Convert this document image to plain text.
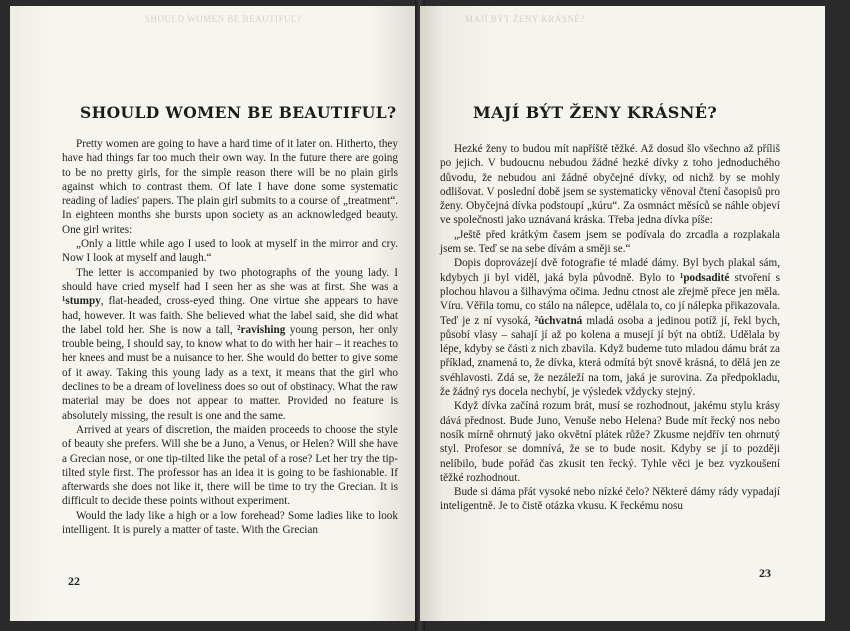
SHOULD WOMEN BE BEAUTIFUL?
SHOULD WOMEN BE BEAUTIFUL?

Pretty women are going to have a hard time of it later on. Hitherto, they have had things far too much their own way. In the future there are going to be no pretty girls, for the simple reason there will be no plain girls against which to contrast them. Of late I have done some systematic reading of ladies' papers. The plain girl submits to a course of „treatment“. In eighteen months she bursts upon society as an acknowledged beauty. One girl writes:

„Only a little while ago I used to look at myself in the mirror and cry. Now I look at myself and laugh.“

The letter is accompanied by two photographs of the young lady. I should have cried myself had I seen her as she was at first. She was a ¹stumpy, flat-headed, cross-eyed thing. One virtue she appears to have had, however. It was faith. She believed what the label said, she did what the label told her. She is now a tall, ²ravishing young person, her only trouble being, I should say, to know what to do with her hair – it reaches to her knees and must be a nuisance to her. She would do better to give some of it away. Taking this young lady as a text, it means that the girl who declines to be a dream of loveliness does so out of obstinacy. What the raw material may be does not appear to matter. Provided no feature is absolutely missing, the result is one and the same.

Arrived at years of discretion, the maiden proceeds to choose the style of beauty she prefers. Will she be a Juno, a Venus, or Helen? Will she have a Grecian nose, or one tip-tilted like the petal of a rose? Let her try the tip-tilted style first. The professor has an idea it is going to be fashionable. If afterwards she does not like it, there will be time to try the Grecian. It is difficult to decide these points without experiment.

Would the lady like a high or a low forehead? Some ladies like to look intelligent. It is purely a matter of taste. With the Grecian

22
MAJÍ BÝT ŽENY KRÁSNÉ?
MAJÍ BÝT ŽENY KRÁSNÉ?

Hezké ženy to budou mít napříště těžké. Až dosud šlo všechno až příliš po jejich. V budoucnu nebudou žádné hezké dívky z toho jednoduchého důvodu, že nebudou ani žádné obyčejné dívky, od nichž by se mohly odlišovat. V poslední době jsem se systematicky věnoval čtení časopisů pro ženy. Obyčejná dívka podstoupí „kúru“. Za osmnáct měsíců se náhle objeví ve společnosti jako uznávaná kráska. Třeba jedna dívka píše:

„Ještě před krátkým časem jsem se podívala do zrcadla a rozplakala jsem se. Teď se na sebe dívám a směji se.“

Dopis doprovázejí dvě fotografie té mladé dámy. Byl bych plakal sám, kdybych ji byl viděl, jaká byla původně. Bylo to ¹podsadité stvoření s plochou hlavou a šilhavýma očima. Jednu ctnost ale zřejmě přece jen měla. Víru. Věřila tomu, co stálo na nálepce, udělala to, co jí nálepka přikazovala. Teď je z ní vysoká, ²úchvatná mladá osoba a jedinou potíž jí, řekl bych, působí vlasy – sahají jí až po kolena a musejí jí být na obtíž. Udělala by lépe, kdyby se části z nich zbavila. Když budeme tuto mladou dámu brát za příklad, znamená to, že dívka, která odmítá být snově krásná, to dělá jen ze svéhlavosti. Zdá se, že nezáleží na tom, jaká je surovina. Za předpokladu, že žádný rys docela nechybí, je výsledek vždycky stejný.

Když dívka začíná rozum brát, musí se rozhodnout, jakému stylu krásy dává přednost. Bude Juno, Venuše nebo Helena? Bude mít řecký nos nebo nosík mírně ohrnutý jako okvětní plátek růže? Zkusme nejdřív ten ohrnutý styl. Profesor se domnívá, že se to bude nosit. Kdyby se jí to později nelíbilo, bude pořád čas zkusit ten řecký. Tyhle věci je bez vyzkoušení těžké rozhodnout.

Bude si dáma přát vysoké nebo nízké čelo? Některé dámy rády vypadají inteligentně. Je to čistě otázka vkusu. K řeckému nosu

23
